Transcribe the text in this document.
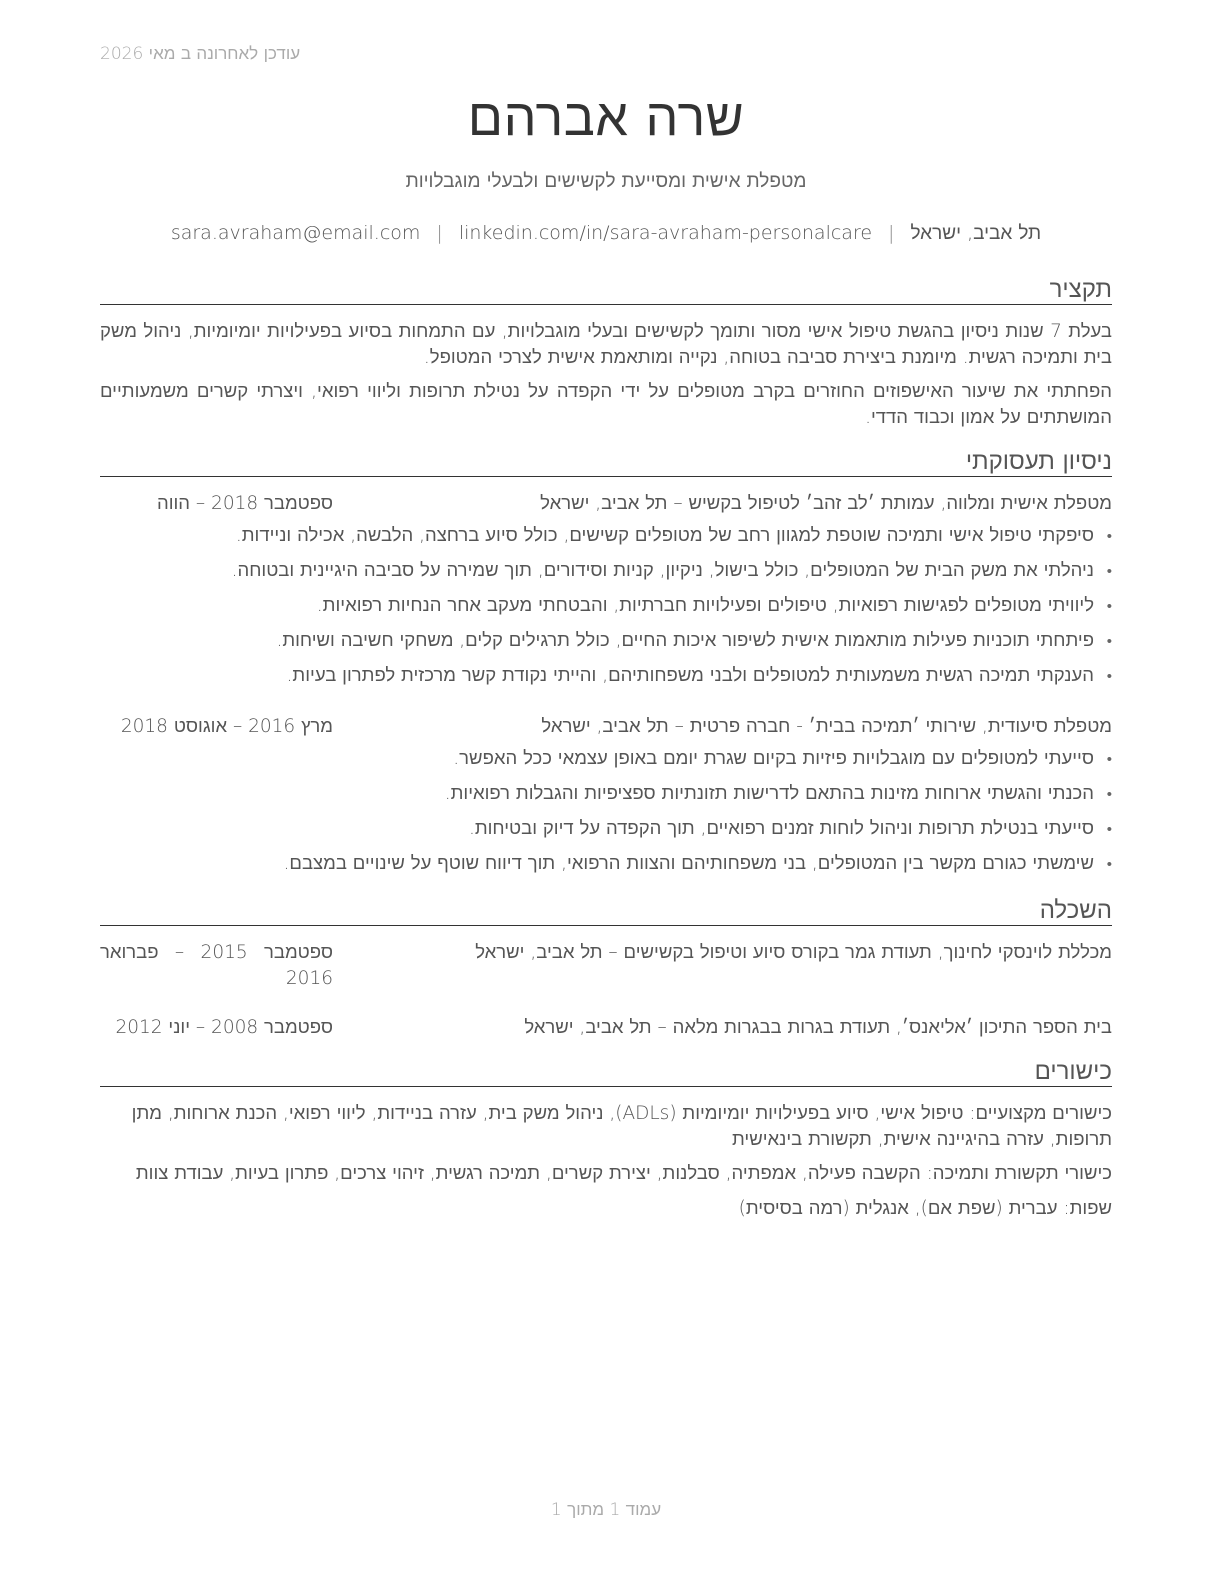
עודכן לאחרונה ב מאי 2026
שרה אברהם
מטפלת אישית ומסייעת לקשישים ולבעלי מוגבלויות
תל אביב, ישראל|sara.avraham@email.com | linkedin.com/in/sara-avraham-personalcare
תקציר
בעלת 7 שנות ניסיון בהגשת טיפול אישי מסור ותומך לקשישים ובעלי מוגבלויות, עם התמחות בסיוע בפעילויות יומיומיות, ניהול משק בית ותמיכה רגשית. מיומנת ביצירת סביבה בטוחה, נקייה ומותאמת אישית לצרכי המטופל.
הפחתתי את שיעור האישפוזים החוזרים בקרב מטופלים על ידי הקפדה על נטילת תרופות וליווי רפואי, ויצרתי קשרים משמעותיים המושתתים על אמון וכבוד הדדי.
ניסיון תעסוקתי
מטפלת אישית ומלווה, עמותת ׳לב זהב׳ לטיפול בקשיש – תל אביב, ישראל
ספטמבר 2018 – הווה
• סיפקתי טיפול אישי ותמיכה שוטפת למגוון רחב של מטופלים קשישים, כולל סיוע ברחצה, הלבשה, אכילה וניידות.
• ניהלתי את משק הבית של המטופלים, כולל בישול, ניקיון, קניות וסידורים, תוך שמירה על סביבה היגיינית ובטוחה.
• ליוויתי מטופלים לפגישות רפואיות, טיפולים ופעילויות חברתיות, והבטחתי מעקב אחר הנחיות רפואיות.
• פיתחתי תוכניות פעילות מותאמות אישית לשיפור איכות החיים, כולל תרגילים קלים, משחקי חשיבה ושיחות.
• הענקתי תמיכה רגשית משמעותית למטופלים ולבני משפחותיהם, והייתי נקודת קשר מרכזית לפתרון בעיות.
מטפלת סיעודית, שירותי ׳תמיכה בבית׳ - חברה פרטית – תל אביב, ישראל
מרץ 2016 – אוגוסט 2018
• סייעתי למטופלים עם מוגבלויות פיזיות בקיום שגרת יומם באופן עצמאי ככל האפשר.
• הכנתי והגשתי ארוחות מזינות בהתאם לדרישות תזונתיות ספציפיות והגבלות רפואיות.
• סייעתי בנטילת תרופות וניהול לוחות זמנים רפואיים, תוך הקפדה על דיוק ובטיחות.
• שימשתי כגורם מקשר בין המטופלים, בני משפחותיהם והצוות הרפואי, תוך דיווח שוטף על שינויים במצבם.
השכלה
מכללת לוינסקי לחינוך, תעודת גמר בקורס סיוע וטיפול בקשישים – תל אביב, ישראל
ספטמבר 2015 – פברואר 2016
בית הספר התיכון ׳אליאנס׳, תעודת בגרות בבגרות מלאה – תל אביב, ישראל
ספטמבר 2008 – יוני 2012
כישורים
כישורים מקצועיים: טיפול אישי, סיוע בפעילויות יומיומיות (ADLs), ניהול משק בית, עזרה בניידות, ליווי רפואי, הכנת ארוחות, מתן תרופות, עזרה בהיגיינה אישית, תקשורת בינאישית
כישורי תקשורת ותמיכה: הקשבה פעילה, אמפתיה, סבלנות, יצירת קשרים, תמיכה רגשית, זיהוי צרכים, פתרון בעיות, עבודת צוות
שפות: עברית (שפת אם), אנגלית (רמה בסיסית)
עמוד 1 מתוך 1
